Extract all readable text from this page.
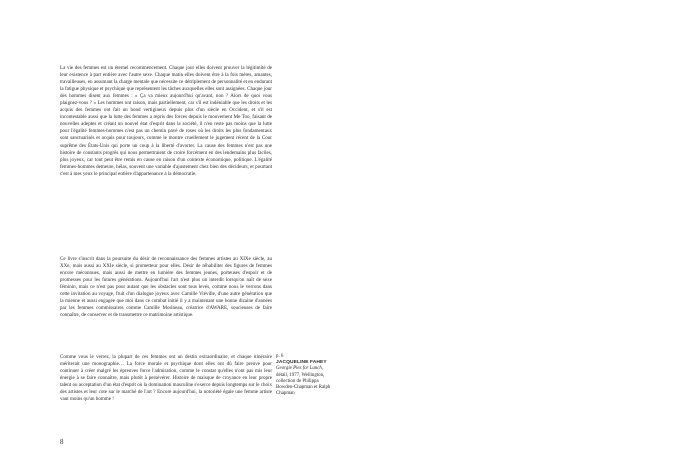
La vie des femmes est un éternel recommencement. Chaque jour elles doivent prouver la légitimité de leur existence à part entière avec l'autre sexe. Chaque matin elles doivent être à la fois mères, amantes, travailleuses, en assumant la charge mentale que nécessite ce détriplement de personnalité et en endurant la fatigue physique et psychique que représentent les tâches auxquelles elles sont assignées. Chaque jour des hommes disent aux femmes : « Ça va mieux aujourd'hui qu'avant, non ? Alors de quoi vous plaignez-vous ? » Les hommes ont raison, mais partiellement, car s'il est indéniable que les droits et les acquis des femmes ont fait un bond vertigineux depuis plus d'un siècle en Occident, et s'il est incontestable aussi que la lutte des femmes a repris des forces depuis le mouvement Me Too, faisant de nouvelles adeptes et créant un nouvel état d'esprit dans la société, il n'en reste pas moins que la lutte pour l'égalité femmes-hommes n'est pas un chemin pavé de roses où les droits les plus fondamentaux sont sanctuarisés et acquis pour toujours, comme le montre cruellement le jugement récent de la Cour suprême des États-Unis qui porte un coup à la liberté d'avorter. La cause des femmes n'est pas une histoire de constants progrès qui nous permettraient de croire forcément en des lendemains plus faciles, plus joyeux, car tout peut être remis en cause en raison d'un contexte économique, politique. L'égalité femmes-hommes demeure, hélas, souvent une variable d'ajustement chez bien des décideurs, et pourtant c'est à mes yeux le principal entière d'appartenance à la démocratie.

Ce livre s'inscrit dans la poursuite du désir de reconnaissance des femmes artistes au XIXe siècle, au XXe, mais aussi au XXIe siècle, si prometteur pour elles. Désir de réhabiliter des figures de femmes encore méconnues, mais aussi de mettre en lumière des femmes jeunes, porteuses d'espoir et de promesses pour les futures générations. Aujourd'hui l'art n'est plus un interdit lorsqu'on naît de sexe féminin, mais ce n'est pas pour autant que les obstacles sont tous levés, comme nous le verrons dans cette invitation au voyage, fruit d'un dialogue joyeux avec Camille Viéville, d'une autre génération que la mienne et aussi engagée que moi dans ce combat initié il y a maintenant une bonne dizaine d'années par les femmes commissaires comme Camille Morineau, créatrice d'AWARE, soucieuses de faire connaître, de conserver et de transmettre ce matrimoine artistique.

Comme vous le verrez, la plupart de ces femmes ont un destin extraordinaire, et chaque itinéraire mériterait une monographie… La force morale et psychique dont elles ont dû faire preuve pour continuer à créer malgré les épreuves force l'admiration, comme le constat qu'elles n'ont pas mis leur énergie à se faire connaître, mais plutôt à persévérer. Histoire de maisque de croyance en leur propre talent ou acceptation d'un état d'esprit où la domination masculine s'exerce depuis longtemps sur le choix des artistes et leur cote sur le marché de l'art ? Encore aujourd'hui, la notoriété égale une femme artiste vaut moins qu'un homme !

p. 6
JACQUELINE FAHEY
Georgie Pies for Lunch, détail, 1977, Wellington, collection de Philippa Bowden-Chapman et Ralph Chapman
8
